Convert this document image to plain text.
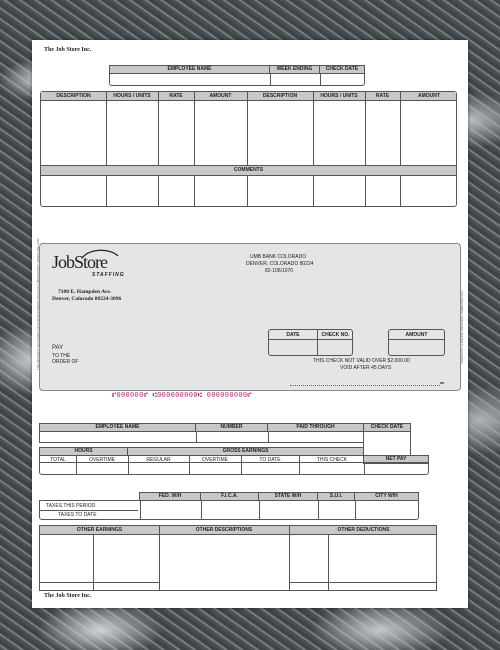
The Job Store Inc.
EMPLOYEE NAME	WEEK ENDING	CHECK DATE
DESCRIPTION	HOURS / UNITS	RATE	AMOUNT	DESCRIPTION	HOURS / UNITS	RATE	AMOUNT
COMMENTS
JobStore
STAFFING
7100 E. Hampden Ave.
Denver, Colorado 80224-3096
UMB BANK COLORADO
DENVER, COLORADO 80224
82-106/1070
DATE	CHECK NO.	AMOUNT
PAY
TO THE
ORDER OF	THIS CHECK NOT VALID OVER $2,000.00
VOID AFTER 45 DAYS
MP
THE SECURITY FEATURES ON THIS DOCUMENT INCLUDE A MICROPRINT SIGNATURE LINE	THIS DOCUMENT CONTAINS SECURITY FEATURES
⑈000000⑈ ⑆000000000⑆ 000000000⑈
EMPLOYEE NAME	NUMBER	PAID THROUGH	CHECK DATE
HOURS	GROSS EARNINGS
TOTAL	OVERTIME	REGULAR	OVERTIME	TO DATE	THIS CHECK	NET PAY
FED. W/H	F.I.C.A.	STATE W/H	S.U.I.	CITY W/H
TAXES THIS PERIOD
TAXES TO DATE
OTHER EARNINGS	OTHER DESCRIPTIONS	OTHER DEDUCTIONS
The Job Store Inc.
